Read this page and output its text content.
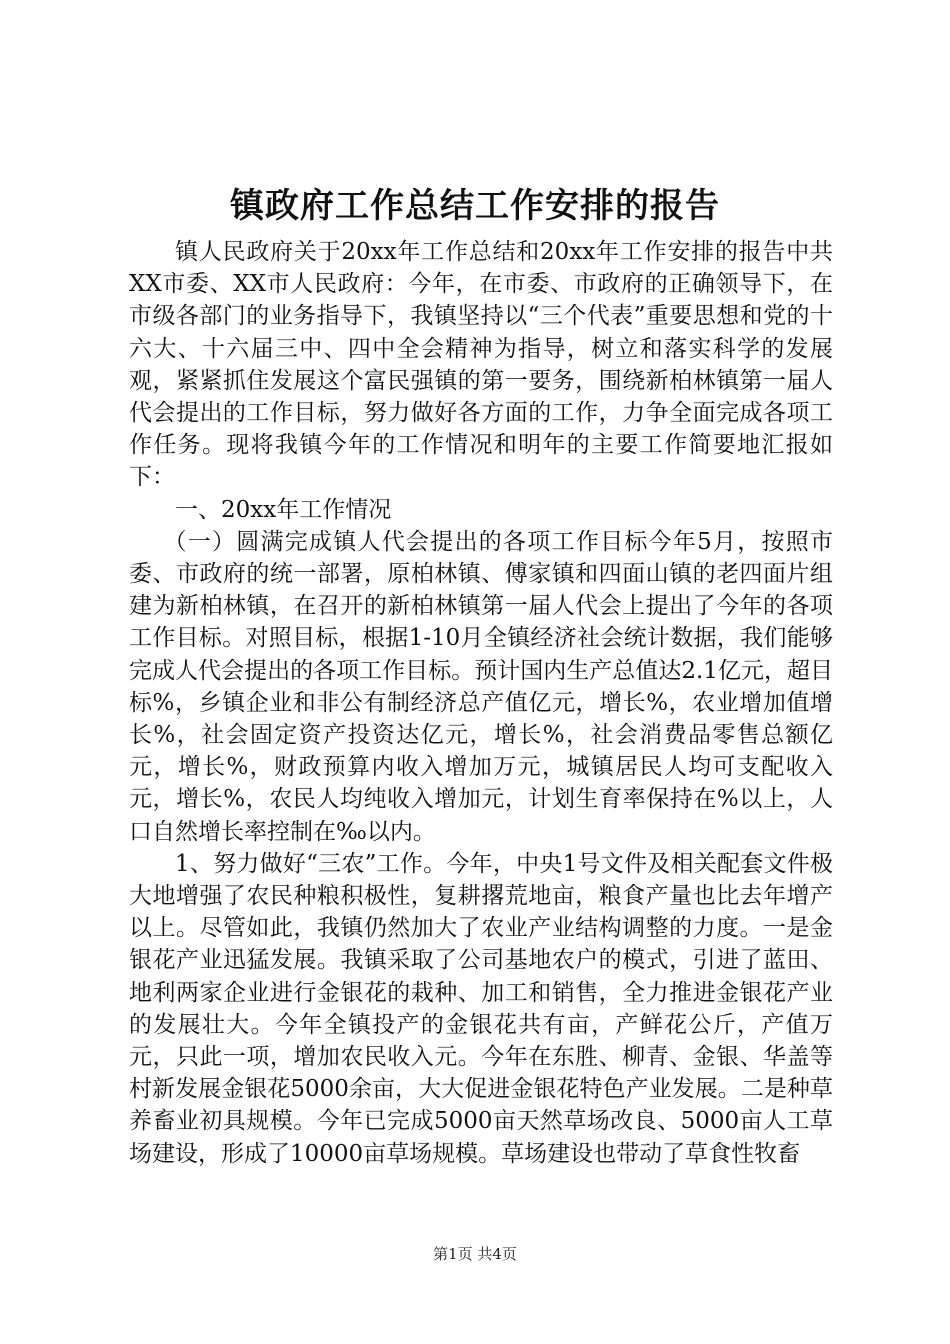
镇政府工作总结工作安排的报告

镇人民政府关于20xx年工作总结和20xx年工作安排的报告中共XX市委、XX市人民政府：今年，在市委、市政府的正确领导下，在市级各部门的业务指导下，我镇坚持以“三个代表”重要思想和党的十六大、十六届三中、四中全会精神为指导，树立和落实科学的发展观，紧紧抓住发展这个富民强镇的第一要务，围绕新柏林镇第一届人代会提出的工作目标，努力做好各方面的工作，力争全面完成各项工作任务。现将我镇今年的工作情况和明年的主要工作简要地汇报如下：

一、20xx年工作情况

（一）圆满完成镇人代会提出的各项工作目标今年5月，按照市委、市政府的统一部署，原柏林镇、傅家镇和四面山镇的老四面片组建为新柏林镇，在召开的新柏林镇第一届人代会上提出了今年的各项工作目标。对照目标，根据1-10月全镇经济社会统计数据，我们能够完成人代会提出的各项工作目标。预计国内生产总值达2.1亿元，超目标%，乡镇企业和非公有制经济总产值亿元，增长%，农业增加值增长%，社会固定资产投资达亿元，增长%，社会消费品零售总额亿元，增长%，财政预算内收入增加万元，城镇居民人均可支配收入元，增长%，农民人均纯收入增加元，计划生育率保持在%以上，人口自然增长率控制在‰以内。

1、努力做好“三农”工作。今年，中央1号文件及相关配套文件极大地增强了农民种粮积极性，复耕撂荒地亩，粮食产量也比去年增产以上。尽管如此，我镇仍然加大了农业产业结构调整的力度。一是金银花产业迅猛发展。我镇采取了公司基地农户的模式，引进了蓝田、地利两家企业进行金银花的栽种、加工和销售，全力推进金银花产业的发展壮大。今年全镇投产的金银花共有亩，产鲜花公斤，产值万元，只此一项，增加农民收入元。今年在东胜、柳青、金银、华盖等村新发展金银花5000余亩，大大促进金银花特色产业发展。二是种草养畜业初具规模。今年已完成5000亩天然草场改良、5000亩人工草场建设，形成了10000亩草场规模。草场建设也带动了草食性牧畜

第1页 共4页
